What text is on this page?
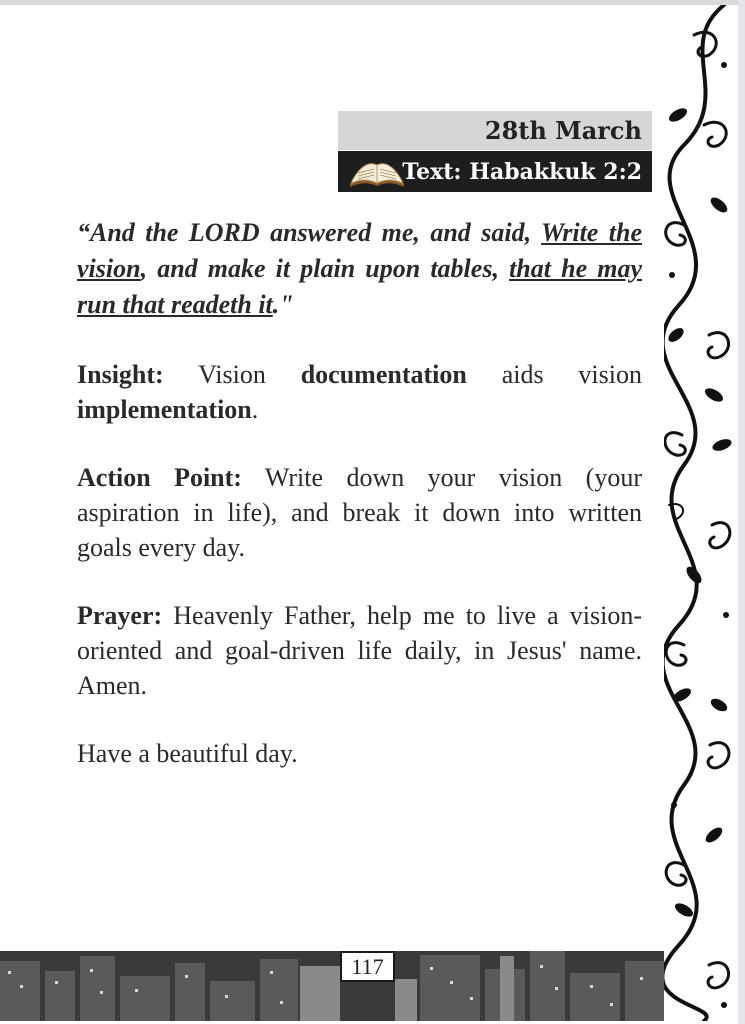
28th March
Text: Habakkuk 2:2

“And the LORD answered me, and said, Write the vision, and make it plain upon tables, that he may run that readeth it."

Insight: Vision documentation aids vision implementation.

Action Point: Write down your vision (your aspiration in life), and break it down into written goals every day.

Prayer: Heavenly Father, help me to live a vision-oriented and goal-driven life daily, in Jesus' name. Amen.

Have a beautiful day.

117
